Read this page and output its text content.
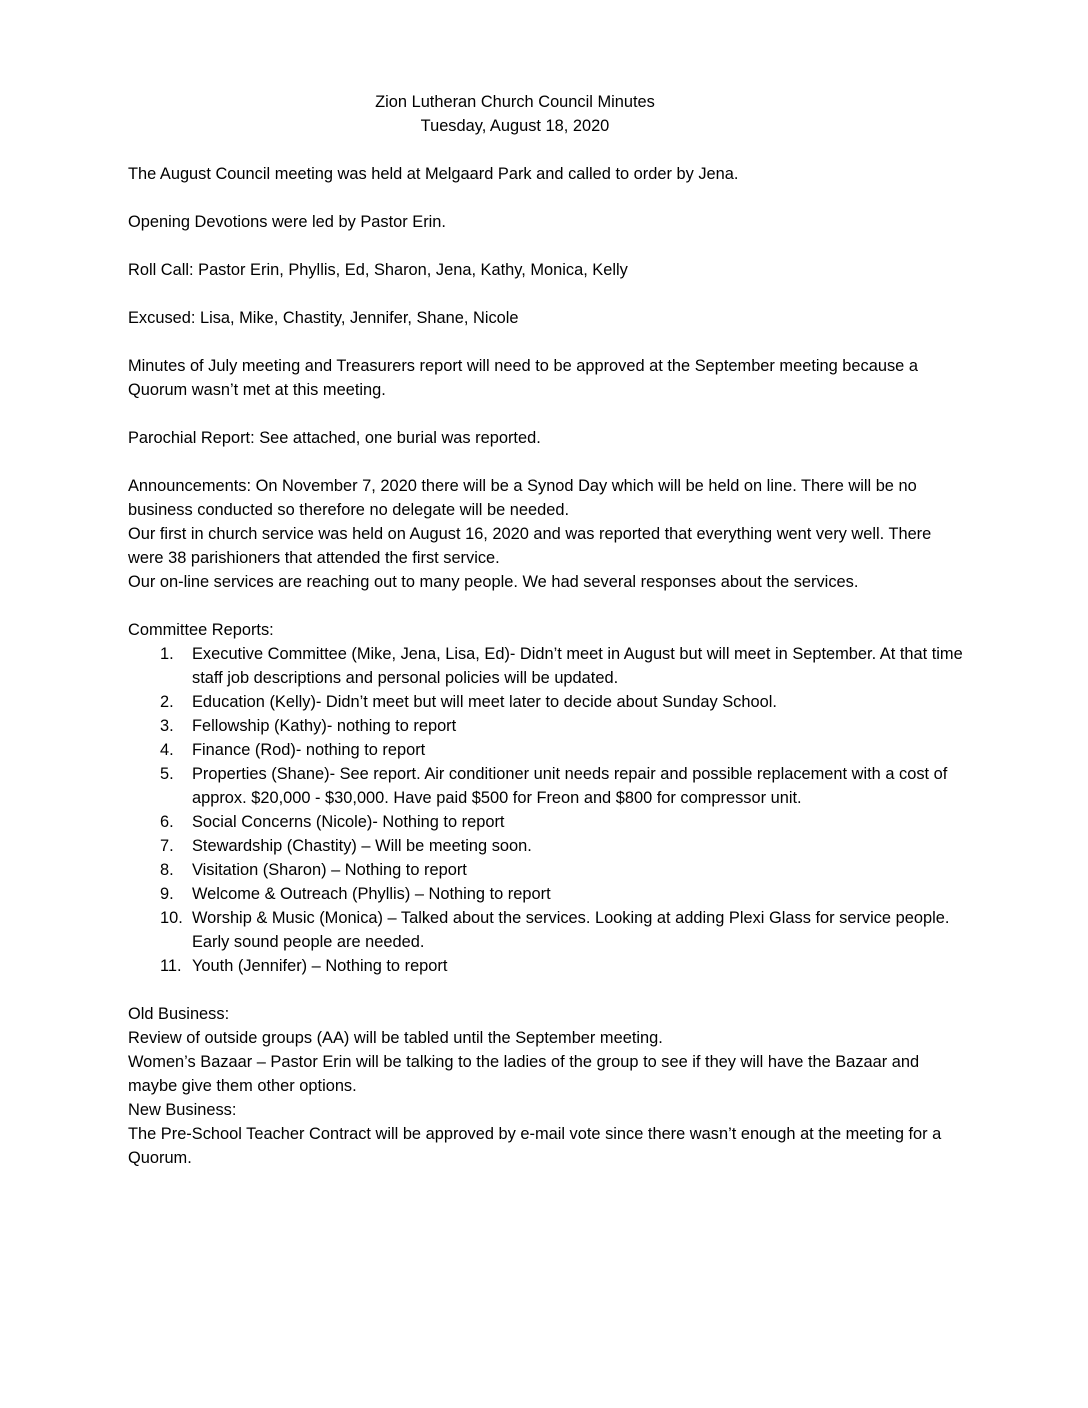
Zion Lutheran Church Council Minutes

Tuesday, August 18, 2020

The August Council meeting was held at Melgaard Park and called to order by Jena.

Opening Devotions were led by Pastor Erin.

Roll Call: Pastor Erin, Phyllis, Ed, Sharon, Jena, Kathy, Monica, Kelly

Excused: Lisa, Mike, Chastity, Jennifer, Shane, Nicole

Minutes of July meeting and Treasurers report will need to be approved at the September meeting because a Quorum wasn’t met at this meeting.

Parochial Report: See attached, one burial was reported.

Announcements: On November 7, 2020 there will be a Synod Day which will be held on line. There will be no business conducted so therefore no delegate will be needed.

Our first in church service was held on August 16, 2020 and was reported that everything went very well. There were 38 parishioners that attended the first service.

Our on-line services are reaching out to many people. We had several responses about the services.

Committee Reports:

1.	Executive Committee (Mike, Jena, Lisa, Ed)- Didn’t meet in August but will meet in September. At that time staff job descriptions and personal policies will be updated.
2.	Education (Kelly)- Didn’t meet but will meet later to decide about Sunday School.
3.	Fellowship (Kathy)- nothing to report
4.	Finance (Rod)- nothing to report
5.	Properties (Shane)- See report. Air conditioner unit needs repair and possible replacement with a cost of approx. $20,000 - $30,000. Have paid $500 for Freon and $800 for compressor unit.
6.	Social Concerns (Nicole)- Nothing to report
7.	Stewardship (Chastity) – Will be meeting soon.
8.	Visitation (Sharon) – Nothing to report
9.	Welcome & Outreach (Phyllis) – Nothing to report
10. Worship & Music (Monica) – Talked about the services. Looking at adding Plexi Glass for service people. Early sound people are needed.
11. Youth (Jennifer) – Nothing to report

Old Business:

Review of outside groups (AA) will be tabled until the September meeting.

Women’s Bazaar – Pastor Erin will be talking to the ladies of the group to see if they will have the Bazaar and maybe give them other options.

New Business:

The Pre-School Teacher Contract will be approved by e-mail vote since there wasn’t enough at the meeting for a Quorum.
